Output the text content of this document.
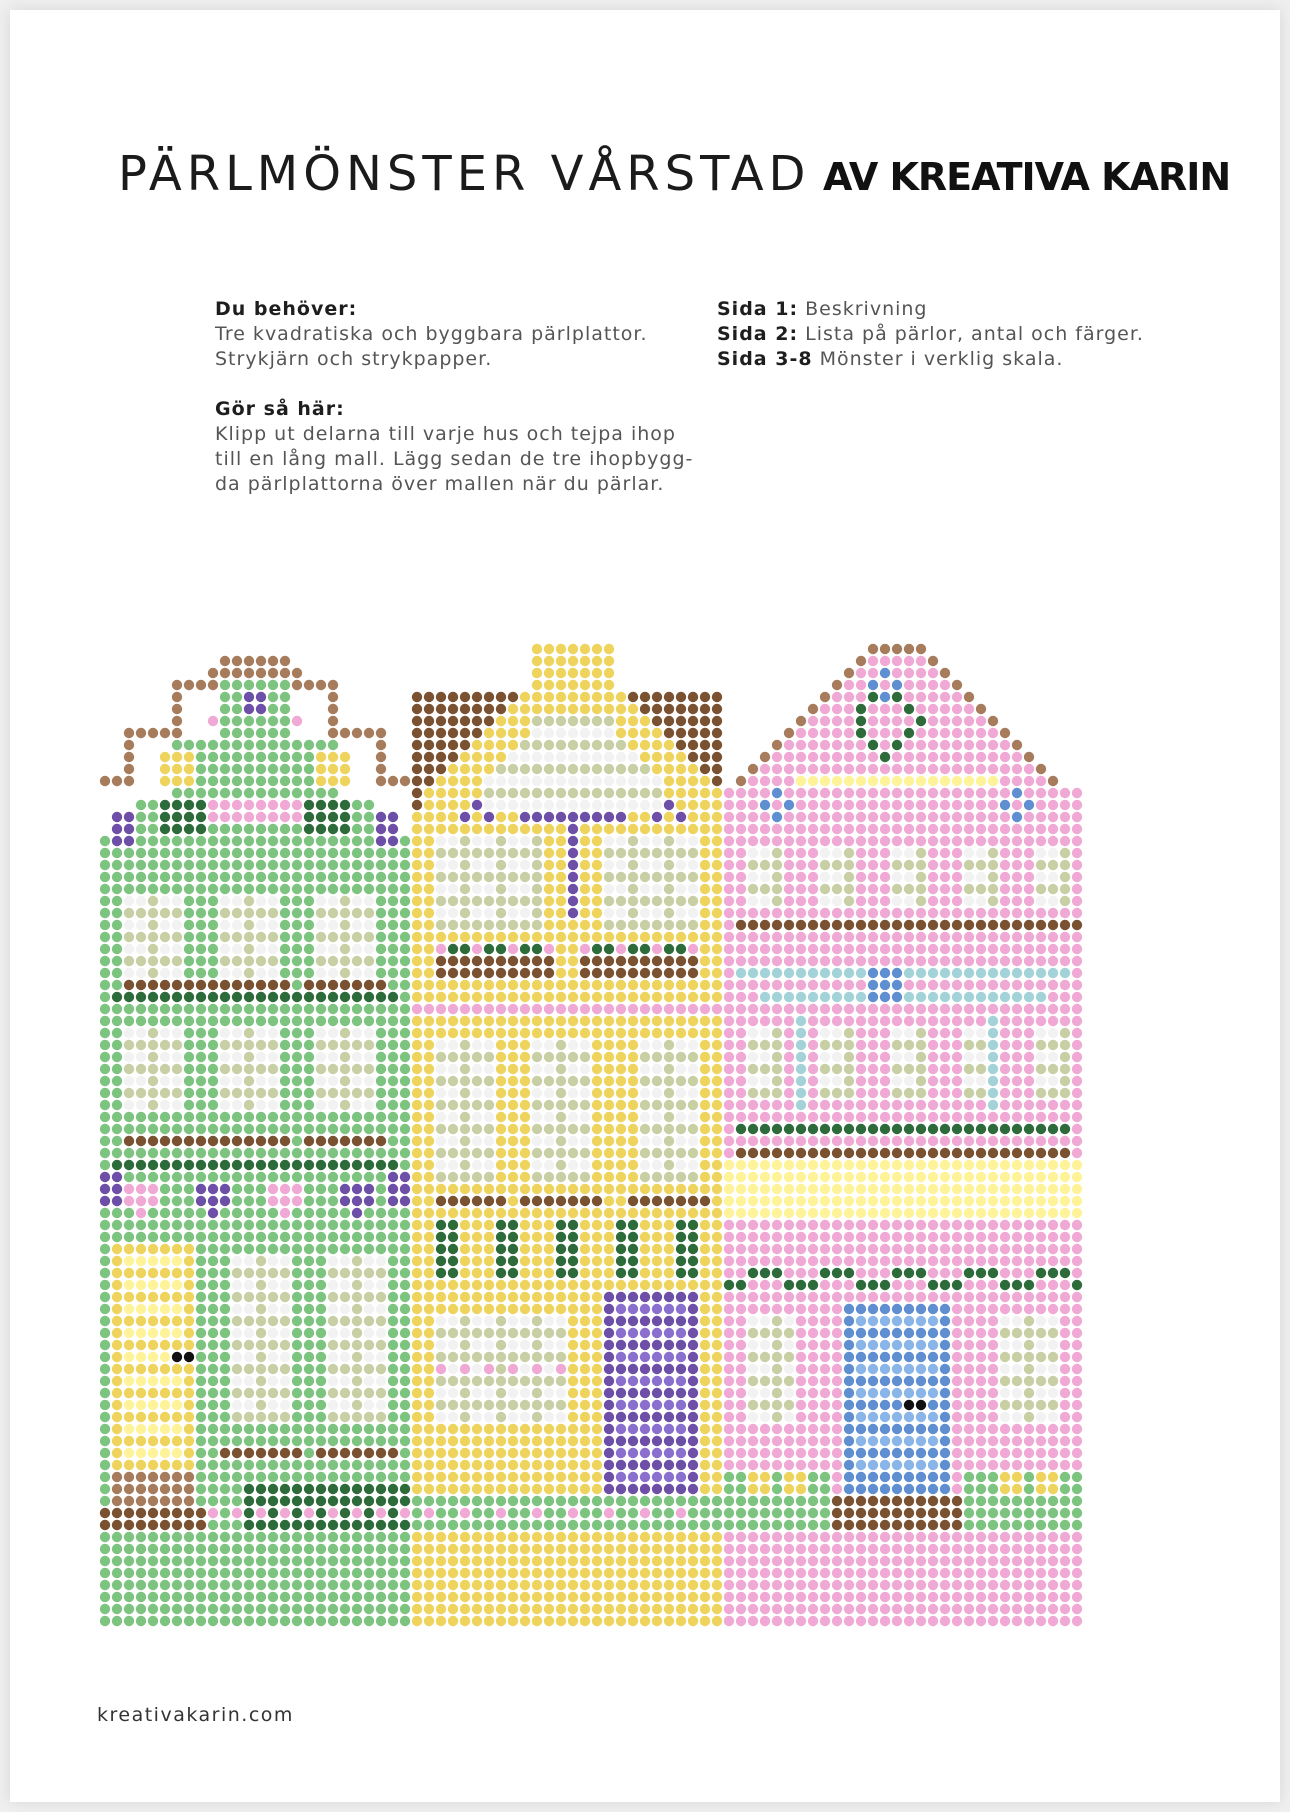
PÄRLMÖNSTER VÅRSTAD AV KREATIVA KARIN
Du behöver:

Tre kvadratiska och byggbara pärlplattor.
Strykjärn och strykpapper.

Gör så här:

Klipp ut delarna till varje hus och tejpa ihop
till en lång mall. Lägg sedan de tre ihopbygg-
da pärlplattorna över mallen när du pärlar.

Sida 1: Beskrivning
Sida 2: Lista på pärlor, antal och färger.
Sida 3-8 Mönster i verklig skala.
kreativakarin.com
